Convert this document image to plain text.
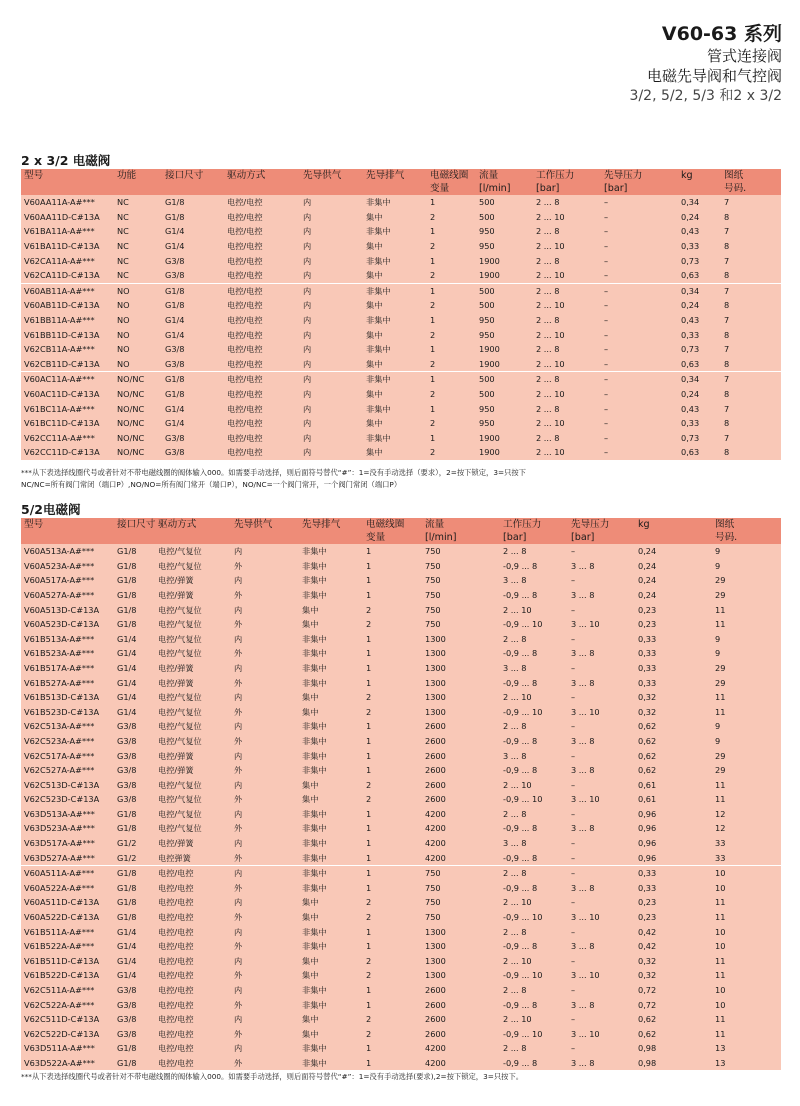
V60-63 系列
管式连接阀
电磁先导阀和气控阀
3/2, 5/2, 5/3 和2 x 3/2
2 x 3/2 电磁阀
型号	功能	接口尺寸	驱动方式	先导供气	先导排气	电磁线圈	流量	工作压力	先导压力	kg	图纸
						变量	[l/min]	[bar]	[bar]		号码.
V60AA11A-A#***	NC	G1/8	电控/电控	内	非集中	1	500	2 ... 8	–	0,34	7
V60AA11D-C#13A	NC	G1/8	电控/电控	内	集中	2	500	2 ... 10	–	0,24	8
V61BA11A-A#***	NC	G1/4	电控/电控	内	非集中	1	950	2 ... 8	–	0,43	7
V61BA11D-C#13A	NC	G1/4	电控/电控	内	集中	2	950	2 ... 10	–	0,33	8
V62CA11A-A#***	NC	G3/8	电控/电控	内	非集中	1	1900	2 ... 8	–	0,73	7
V62CA11D-C#13A	NC	G3/8	电控/电控	内	集中	2	1900	2 ... 10	–	0,63	8
V60AB11A-A#***	NO	G1/8	电控/电控	内	非集中	1	500	2 ... 8	–	0,34	7
V60AB11D-C#13A	NO	G1/8	电控/电控	内	集中	2	500	2 ... 10	–	0,24	8
V61BB11A-A#***	NO	G1/4	电控/电控	内	非集中	1	950	2 ... 8	–	0,43	7
V61BB11D-C#13A	NO	G1/4	电控/电控	内	集中	2	950	2 ... 10	–	0,33	8
V62CB11A-A#***	NO	G3/8	电控/电控	内	非集中	1	1900	2 ... 8	–	0,73	7
V62CB11D-C#13A	NO	G3/8	电控/电控	内	集中	2	1900	2 ... 10	–	0,63	8
V60AC11A-A#***	NO/NC	G1/8	电控/电控	内	非集中	1	500	2 ... 8	–	0,34	7
V60AC11D-C#13A	NO/NC	G1/8	电控/电控	内	集中	2	500	2 ... 10	–	0,24	8
V61BC11A-A#***	NO/NC	G1/4	电控/电控	内	非集中	1	950	2 ... 8	–	0,43	7
V61BC11D-C#13A	NO/NC	G1/4	电控/电控	内	集中	2	950	2 ... 10	–	0,33	8
V62CC11A-A#***	NO/NC	G3/8	电控/电控	内	非集中	1	1900	2 ... 8	–	0,73	7
V62CC11D-C#13A	NO/NC	G3/8	电控/电控	内	集中	2	1900	2 ... 10	–	0,63	8
***从下表选择线圈代号或者针对不带电磁线圈的阀体输入000。如需要手动选择，则后面符号替代“#”：1=没有手动选择（要求），2=按下锁定，3=只按下
NC/NC=所有阀门常闭（端口P）,NO/NO=所有阀门常开（端口P），NO/NC=一个阀门常开，一个阀门常闭（端口P）
5/2电磁阀
型号	接口尺寸	驱动方式	先导供气	先导排气	电磁线圈	流量	工作压力	先导压力	kg	图纸
					变量	[l/min]	[bar]	[bar]		号码.
V60A513A-A#***	G1/8	电控/气复位	内	非集中	1	750	2 ... 8	–	0,24	9
V60A523A-A#***	G1/8	电控/气复位	外	非集中	1	750	-0,9 ... 8	3 ... 8	0,24	9
V60A517A-A#***	G1/8	电控/弹簧	内	非集中	1	750	3 ... 8	–	0,24	29
V60A527A-A#***	G1/8	电控/弹簧	外	非集中	1	750	-0,9 ... 8	3 ... 8	0,24	29
V60A513D-C#13A	G1/8	电控/气复位	内	集中	2	750	2 ... 10	–	0,23	11
V60A523D-C#13A	G1/8	电控/气复位	外	集中	2	750	-0,9 ... 10	3 ... 10	0,23	11
V61B513A-A#***	G1/4	电控/气复位	内	非集中	1	1300	2 ... 8	–	0,33	9
V61B523A-A#***	G1/4	电控/气复位	外	非集中	1	1300	-0,9 ... 8	3 ... 8	0,33	9
V61B517A-A#***	G1/4	电控/弹簧	内	非集中	1	1300	3 ... 8	–	0,33	29
V61B527A-A#***	G1/4	电控/弹簧	外	非集中	1	1300	-0,9 ... 8	3 ... 8	0,33	29
V61B513D-C#13A	G1/4	电控/气复位	内	集中	2	1300	2 ... 10	–	0,32	11
V61B523D-C#13A	G1/4	电控/气复位	外	集中	2	1300	-0,9 ... 10	3 ... 10	0,32	11
V62C513A-A#***	G3/8	电控/气复位	内	非集中	1	2600	2 ... 8	–	0,62	9
V62C523A-A#***	G3/8	电控/气复位	外	非集中	1	2600	-0,9 ... 8	3 ... 8	0,62	9
V62C517A-A#***	G3/8	电控/弹簧	内	非集中	1	2600	3 ... 8	–	0,62	29
V62C527A-A#***	G3/8	电控/弹簧	外	非集中	1	2600	-0,9 ... 8	3 ... 8	0,62	29
V62C513D-C#13A	G3/8	电控/气复位	内	集中	2	2600	2 ... 10	–	0,61	11
V62C523D-C#13A	G3/8	电控/气复位	外	集中	2	2600	-0,9 ... 10	3 ... 10	0,61	11
V63D513A-A#***	G1/8	电控/气复位	内	非集中	1	4200	2 ... 8	–	0,96	12
V63D523A-A#***	G1/8	电控/气复位	外	非集中	1	4200	-0,9 ... 8	3 ... 8	0,96	12
V63D517A-A#***	G1/2	电控/弹簧	内	非集中	1	4200	3 ... 8	–	0,96	33
V63D527A-A#***	G1/2	电控弹簧	外	非集中	1	4200	-0,9 ... 8	–	0,96	33
V60A511A-A#***	G1/8	电控/电控	内	非集中	1	750	2 ... 8	–	0,33	10
V60A522A-A#***	G1/8	电控/电控	外	非集中	1	750	-0,9 ... 8	3 ... 8	0,33	10
V60A511D-C#13A	G1/8	电控/电控	内	集中	2	750	2 ... 10	–	0,23	11
V60A522D-C#13A	G1/8	电控/电控	外	集中	2	750	-0,9 ... 10	3 ... 10	0,23	11
V61B511A-A#***	G1/4	电控/电控	内	非集中	1	1300	2 ... 8	–	0,42	10
V61B522A-A#***	G1/4	电控/电控	外	非集中	1	1300	-0,9 ... 8	3 ... 8	0,42	10
V61B511D-C#13A	G1/4	电控/电控	内	集中	2	1300	2 ... 10	–	0,32	11
V61B522D-C#13A	G1/4	电控/电控	外	集中	2	1300	-0,9 ... 10	3 ... 10	0,32	11
V62C511A-A#***	G3/8	电控/电控	内	非集中	1	2600	2 ... 8	–	0,72	10
V62C522A-A#***	G3/8	电控/电控	外	非集中	1	2600	-0,9 ... 8	3 ... 8	0,72	10
V62C511D-C#13A	G3/8	电控/电控	内	集中	2	2600	2 ... 10	–	0,62	11
V62C522D-C#13A	G3/8	电控/电控	外	集中	2	2600	-0,9 ... 10	3 ... 10	0,62	11
V63D511A-A#***	G1/8	电控/电控	内	非集中	1	4200	2 ... 8	–	0,98	13
V63D522A-A#***	G1/8	电控/电控	外	非集中	1	4200	-0,9 ... 8	3 ... 8	0,98	13
***从下表选择线圈代号或者针对不带电磁线圈的阀体输入000。如需要手动选择，则后面符号替代“#”：1=没有手动选择(要求),2=按下锁定，3=只按下。
